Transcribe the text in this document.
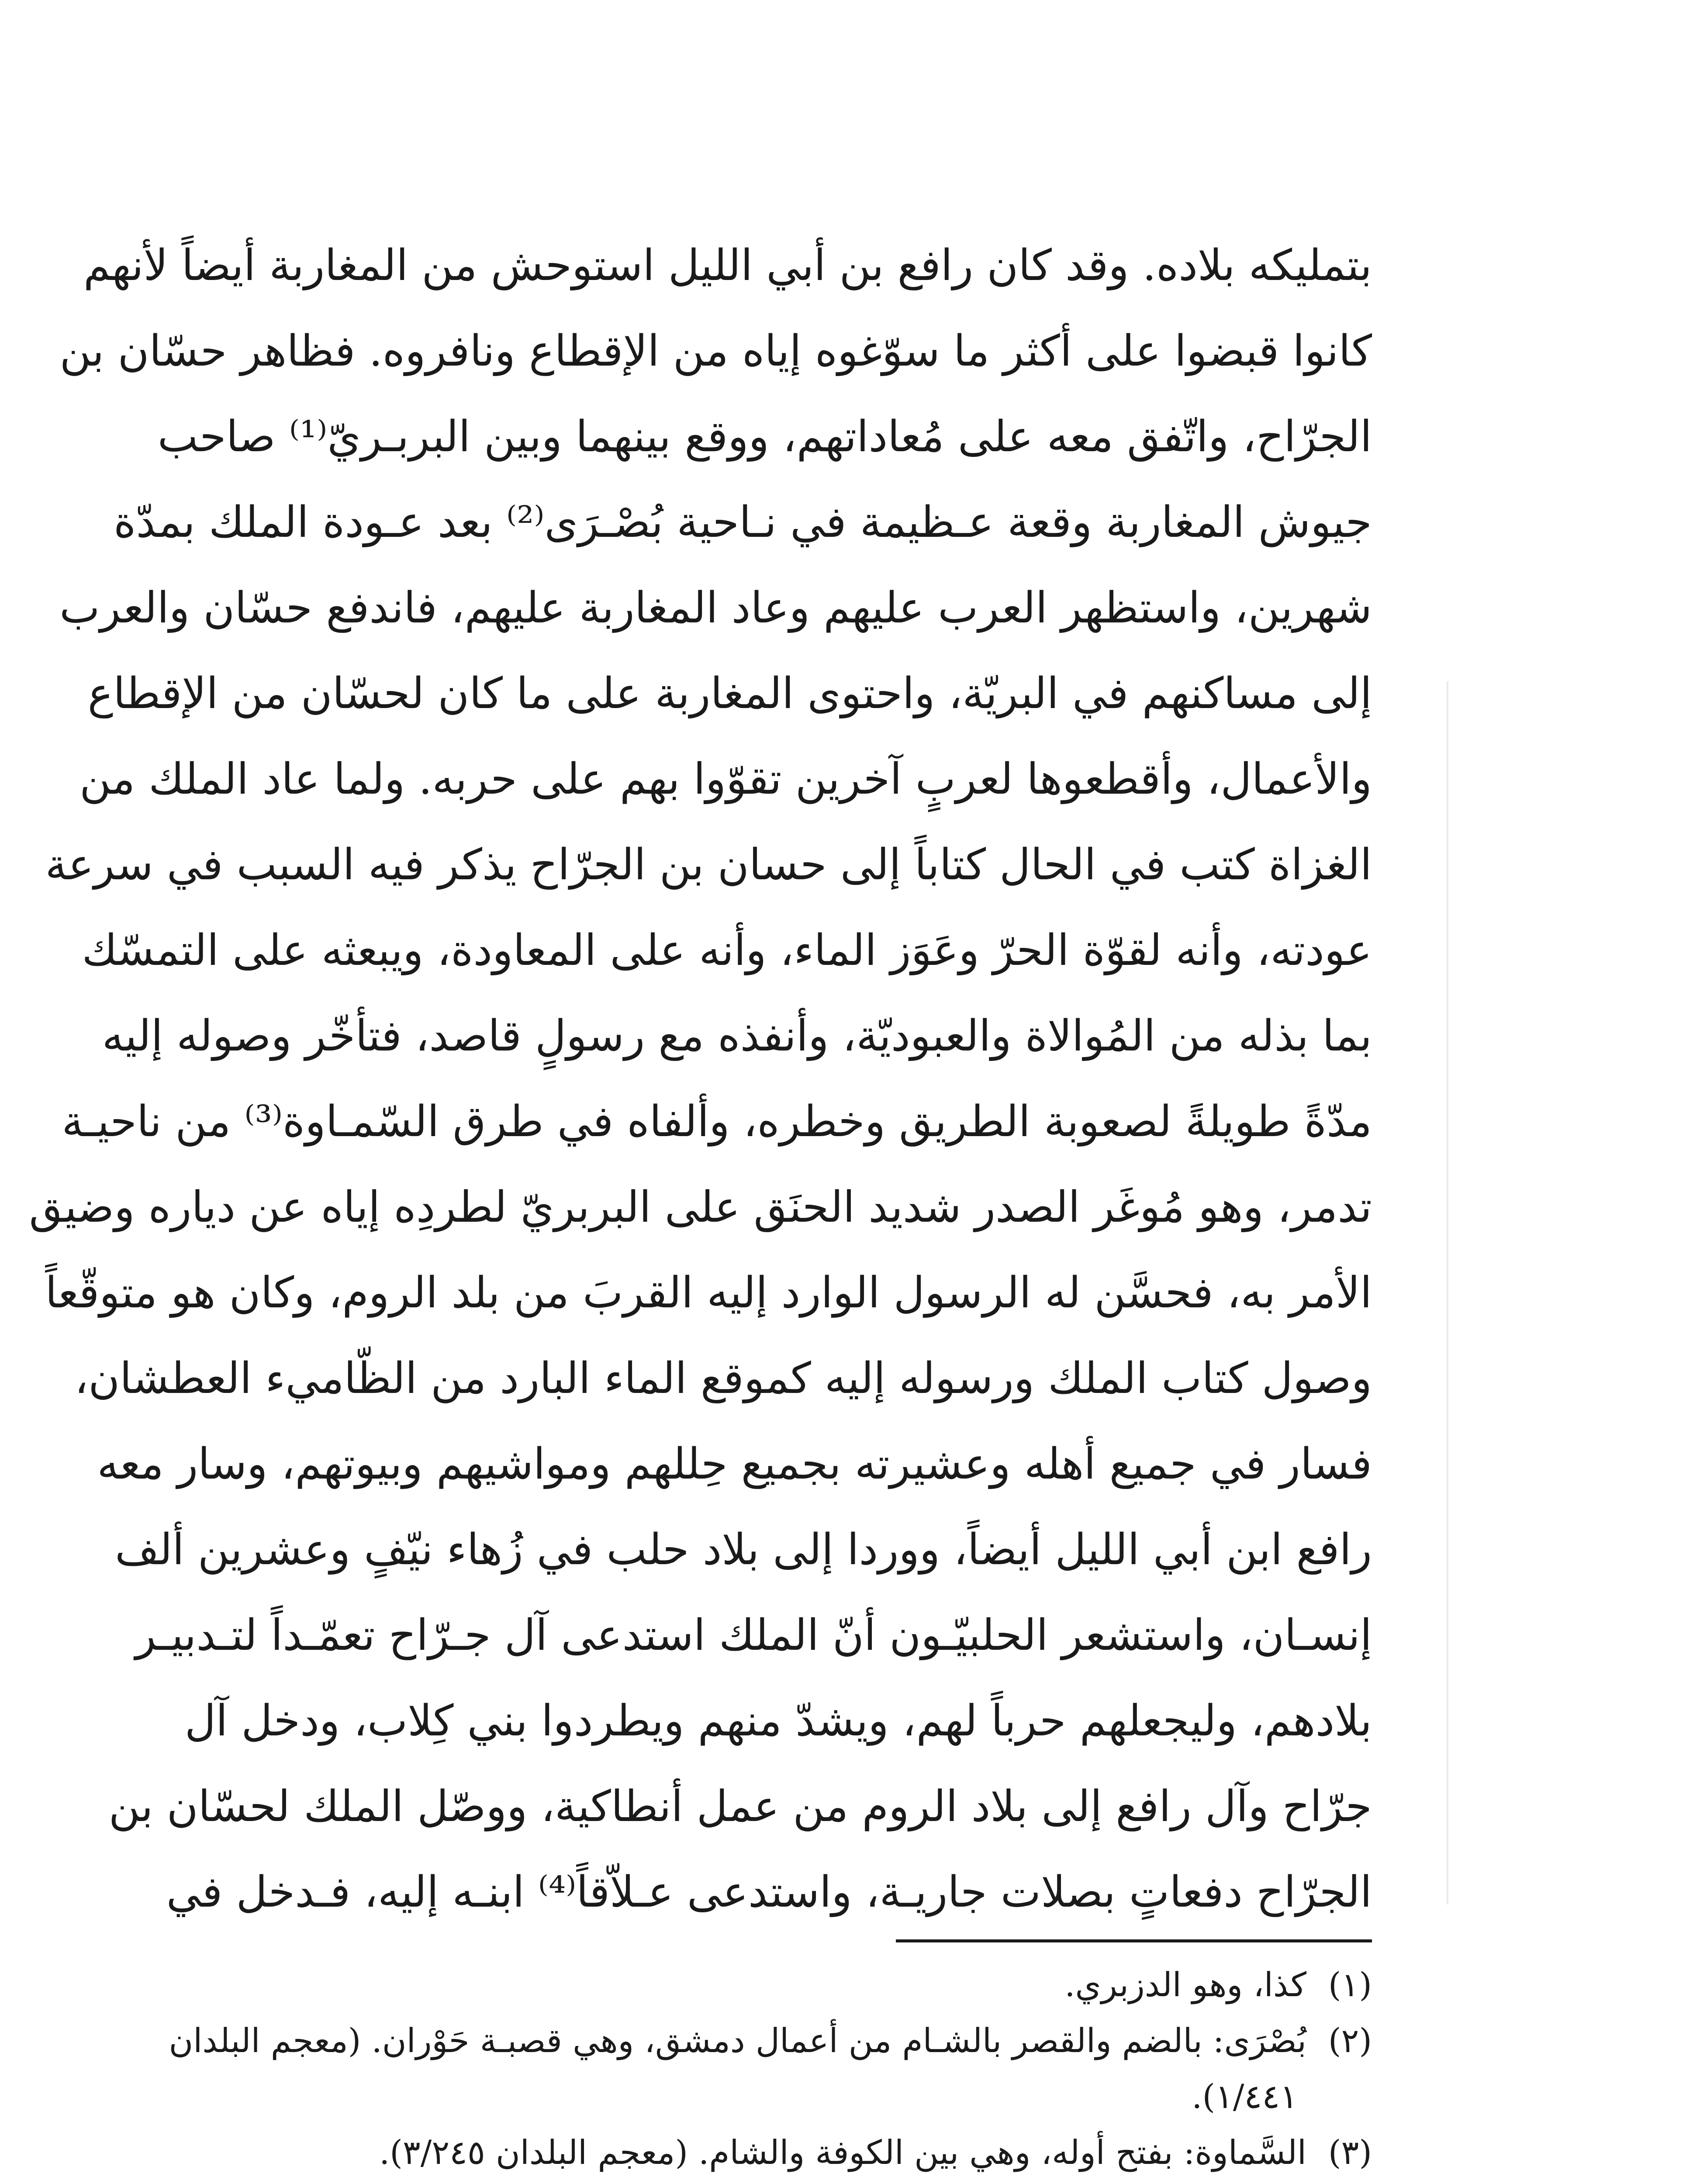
بتمليكه بلاده. وقد كان رافع بن أبي الليل استوحش من المغاربة أيضاً لأنهم
كانوا قبضوا على أكثر ما سوّغوه إياه من الإقطاع ونافروه. فظاهر حسّان بن
الجرّاح، واتّفق معه على مُعاداتهم، ووقع بينهما وبين البربـريّ⁽¹⁾ صاحب
جيوش المغاربة وقعة عـظيمة في نـاحية بُصْـرَى⁽²⁾ بعد عـودة الملك بمدّة
شهرين، واستظهر العرب عليهم وعاد المغاربة عليهم، فاندفع حسّان والعرب
إلى مساكنهم في البريّة، واحتوى المغاربة على ما كان لحسّان من الإقطاع
والأعمال، وأقطعوها لعربٍ آخرين تقوّوا بهم على حربه. ولما عاد الملك من
الغزاة كتب في الحال كتاباً إلى حسان بن الجرّاح يذكر فيه السبب في سرعة
عودته، وأنه لقوّة الحرّ وعَوَز الماء، وأنه على المعاودة، ويبعثه على التمسّك
بما بذله من المُوالاة والعبوديّة، وأنفذه مع رسولٍ قاصد، فتأخّر وصوله إليه
مدّةً طويلةً لصعوبة الطريق وخطره، وألفاه في طرق السّمـاوة⁽³⁾ من ناحيـة
تدمر، وهو مُوغَر الصدر شديد الحنَق على البربريّ لطردِه إياه عن دياره وضيق
الأمر به، فحسَّن له الرسول الوارد إليه القربَ من بلد الروم، وكان هو متوقّعاً
وصول كتاب الملك ورسوله إليه كموقع الماء البارد من الظّاميء العطشان،
فسار في جميع أهله وعشيرته بجميع حِللهم ومواشيهم وبيوتهم، وسار معه
رافع ابن أبي الليل أيضاً، ووردا إلى بلاد حلب في زُهاء نيّفٍ وعشرين ألف
إنسـان، واستشعر الحلبيّـون أنّ الملك استدعى آل جـرّاح تعمّـداً لتـدبيـر
بلادهم، وليجعلهم حرباً لهم، ويشدّ منهم ويطردوا بني كِلاب، ودخل آل
جرّاح وآل رافع إلى بلاد الروم من عمل أنطاكية، ووصّل الملك لحسّان بن
الجرّاح دفعاتٍ بصلات جاريـة، واستدعى عـلاّقاً⁽⁴⁾ ابنـه إليه، فـدخل في
(١)كذا، وهو الدزبري.
(٢)بُصْرَى: بالضم والقصر بالشـام من أعمال دمشق، وهي قصبـة حَوْران. (معجم البلدان
١/٤٤١).
(٣)السَّماوة: بفتح أوله، وهي بين الكوفة والشام. (معجم البلدان ٣/٢٤٥).
